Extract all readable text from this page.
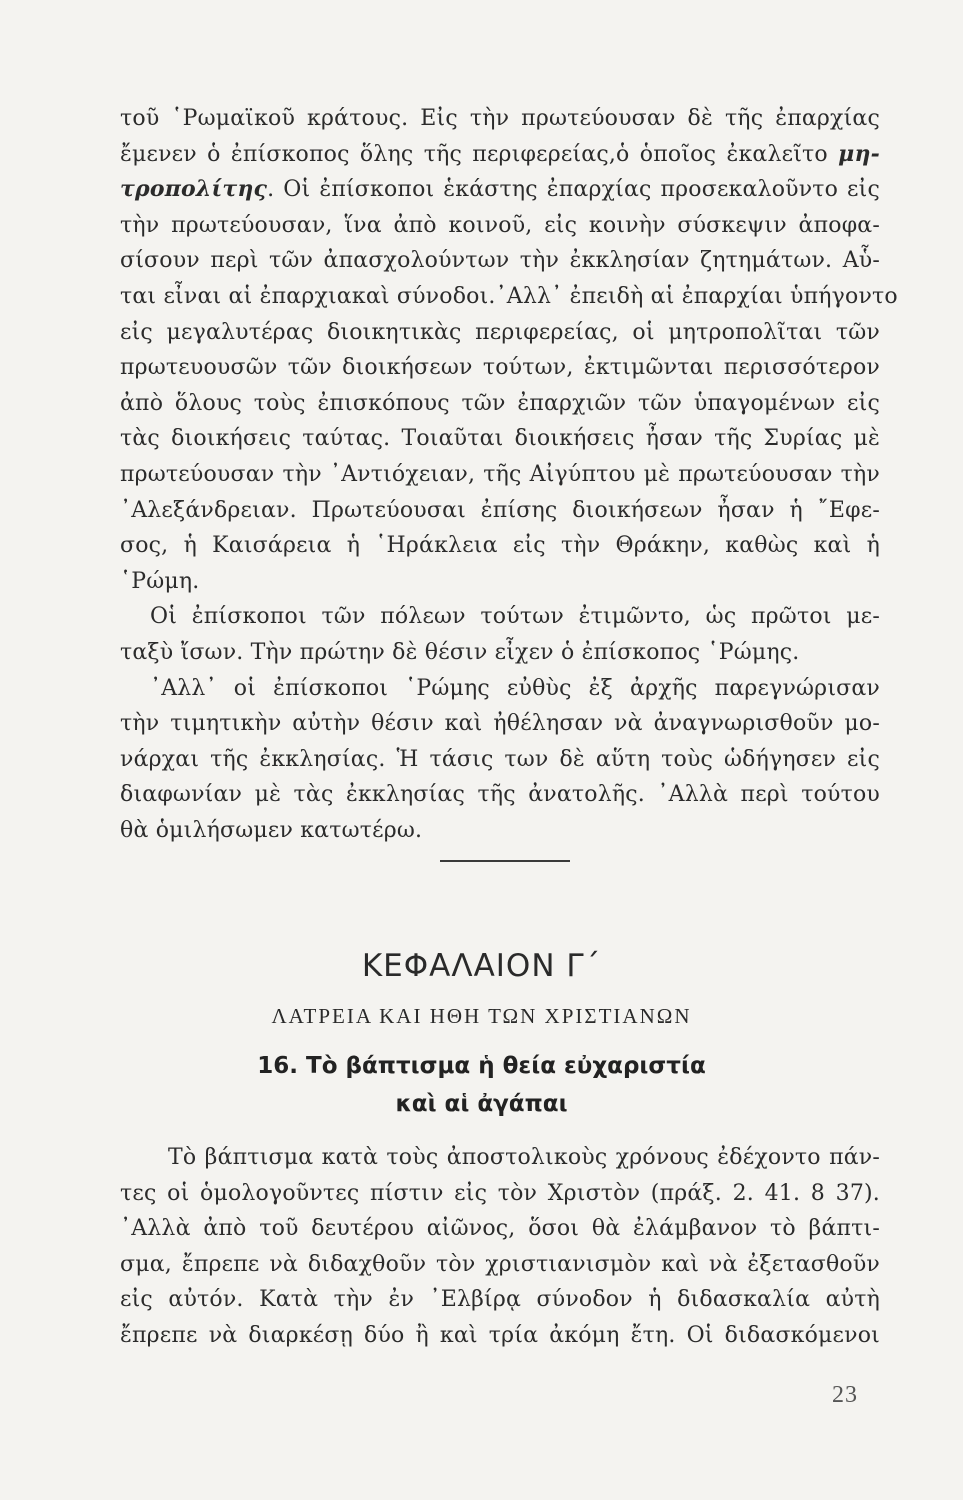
τοῦ ῾Ρωμαϊκοῦ κράτους. Εἰς τὴν πρωτεύουσαν δὲ τῆς ἐπαρχίας
ἔμενεν ὁ ἐπίσκοπος ὅλης τῆς περιφερείας,ὁ ὁποῖος ἐκαλεῖτο μη-
τροπολίτης. Οἱ ἐπίσκοποι ἑκάστης ἐπαρχίας προσεκαλοῦντο εἰς
τὴν πρωτεύουσαν, ἵνα ἀπὸ κοινοῦ, εἰς κοινὴν σύσκεψιν ἀποφα-
σίσουν περὶ τῶν ἀπασχολούντων τὴν ἐκκλησίαν ζητημάτων. Αὗ-
ται εἶναι αἱ ἐπαρχιακαὶ σύνοδοι.᾿Αλλ᾿ ἐπειδὴ αἱ ἐπαρχίαι ὑπήγοντο
εἰς μεγαλυτέρας διοικητικὰς περιφερείας, οἱ μητροπολῖται τῶν
πρωτευουσῶν τῶν διοικήσεων τούτων, ἐκτιμῶνται περισσότερον
ἀπὸ ὅλους τοὺς ἐπισκόπους τῶν ἐπαρχιῶν τῶν ὑπαγομένων εἰς
τὰς διοικήσεις ταύτας. Τοιαῦται διοικήσεις ἦσαν τῆς Συρίας μὲ
πρωτεύουσαν τὴν ᾿Αντιόχειαν, τῆς Αἰγύπτου μὲ πρωτεύουσαν τὴν
᾿Αλεξάνδρειαν. Πρωτεύουσαι ἐπίσης διοικήσεων ἦσαν ἡ ῎Εφε-
σος, ἡ Καισάρεια ἡ ῾Ηράκλεια εἰς τὴν Θράκην, καθὼς καὶ ἡ
῾Ρώμη.

Οἱ ἐπίσκοποι τῶν πόλεων τούτων ἐτιμῶντο, ὡς πρῶτοι με-
ταξὺ ἴσων. Τὴν πρώτην δὲ θέσιν εἶχεν ὁ ἐπίσκοπος ῾Ρώμης.

᾿Αλλ᾿ οἱ ἐπίσκοποι ῾Ρώμης εὐθὺς ἐξ ἀρχῆς παρεγνώρισαν
τὴν τιμητικὴν αὐτὴν θέσιν καὶ ἠθέλησαν νὰ ἀναγνωρισθοῦν μο-
νάρχαι τῆς ἐκκλησίας. Ἡ τάσις των δὲ αὕτη τοὺς ὡδήγησεν εἰς
διαφωνίαν μὲ τὰς ἐκκλησίας τῆς ἀνατολῆς. ᾿Αλλὰ περὶ τούτου
θὰ ὁμιλήσωμεν κατωτέρω.

ΚΕΦΑΛΑΙΟΝ Γ΄
ΛΑΤΡΕΙΑ ΚΑΙ ΗΘΗ ΤΩΝ ΧΡΙΣΤΙΑΝΩΝ
16. Τὸ βάπτισμα ἡ θεία εὐχαριστία
καὶ αἱ ἀγάπαι

Τὸ βάπτισμα κατὰ τοὺς ἀποστολικοὺς χρόνους ἐδέχοντο πάν-
τες οἱ ὁμολογοῦντες πίστιν εἰς τὸν Χριστὸν (πράξ. 2. 41. 8 37).
᾿Αλλὰ ἀπὸ τοῦ δευτέρου αἰῶνος, ὅσοι θὰ ἐλάμβανον τὸ βάπτι-
σμα, ἔπρεπε νὰ διδαχθοῦν τὸν χριστιανισμὸν καὶ νὰ ἐξετασθοῦν
εἰς αὐτόν. Κατὰ τὴν ἐν ᾿Ελβίρᾳ σύνοδον ἡ διδασκαλία αὐτὴ
ἔπρεπε νὰ διαρκέσῃ δύο ἢ καὶ τρία ἀκόμη ἔτη. Οἱ διδασκόμενοι

23
